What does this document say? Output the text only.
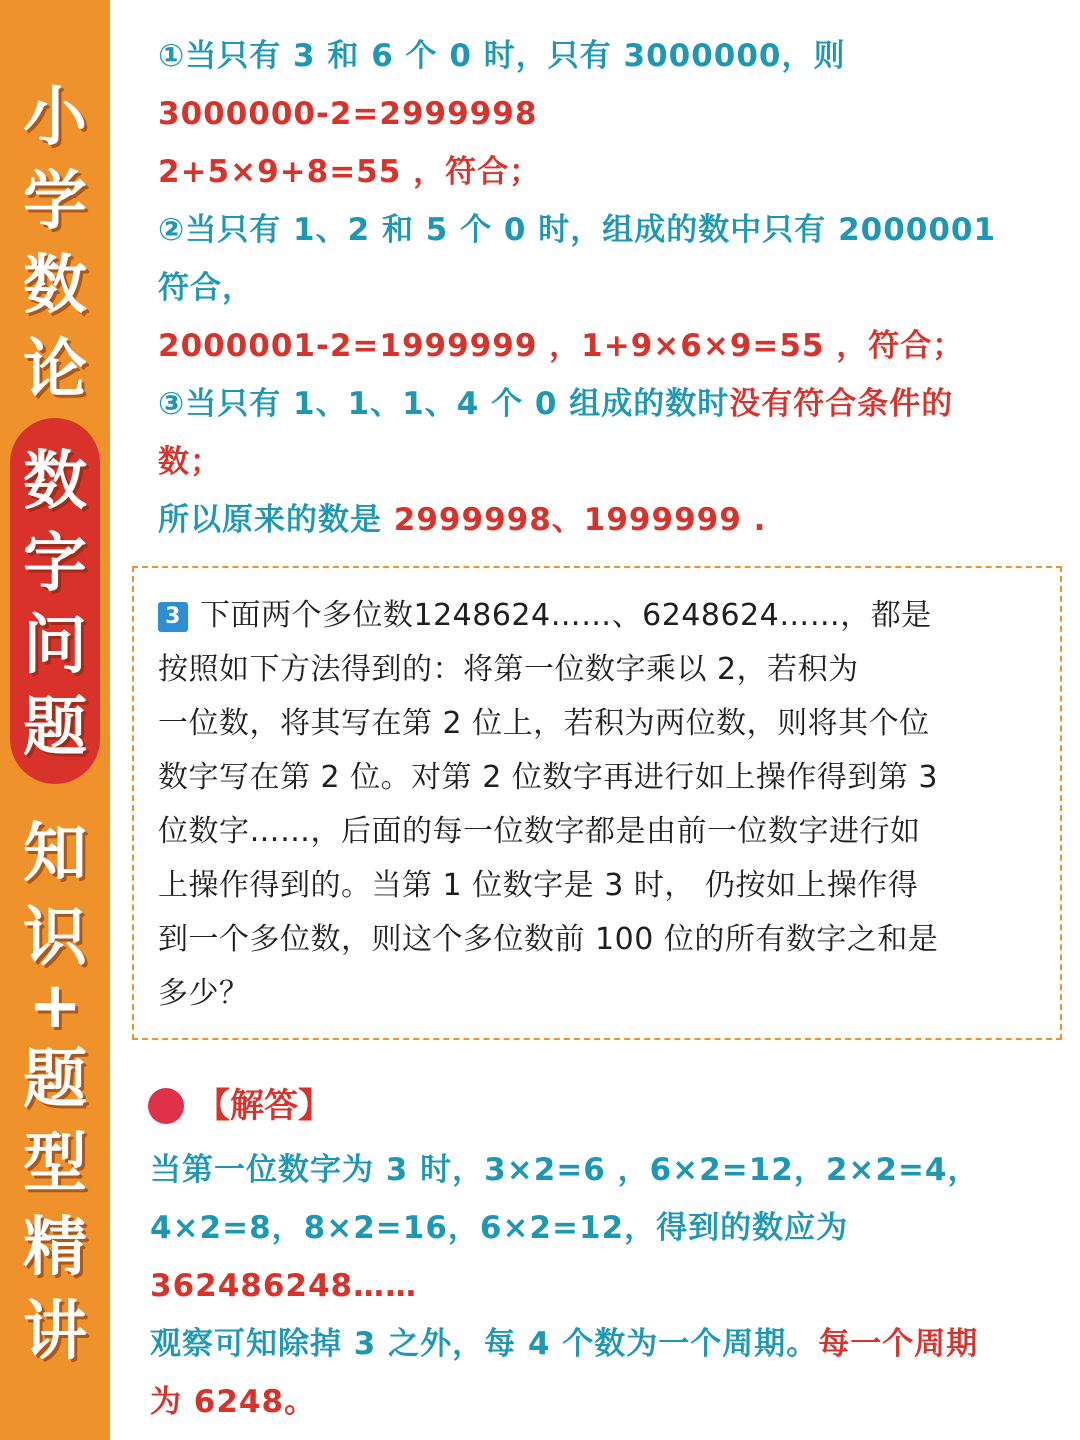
小
学
数
论
数
字
问
题
知
识
+
题
型
精
讲
①当只有 3 和 6 个 0 时，只有 3000000，则
3000000-2=2999998
2+5×9+8=55 ，符合；
②当只有 1、2 和 5 个 0 时，组成的数中只有 2000001
符合，
2000001-2=1999999 ，1+9×6×9=55 ，符合；
③当只有 1、1、1、4 个 0 组成的数时没有符合条件的
数；
所以原来的数是 2999998、1999999 .
3 下面两个多位数1248624……、6248624……，都是
按照如下方法得到的：将第一位数字乘以 2，若积为
一位数，将其写在第 2 位上，若积为两位数，则将其个位
数字写在第 2 位。对第 2 位数字再进行如上操作得到第 3
位数字……，后面的每一位数字都是由前一位数字进行如
上操作得到的。当第 1 位数字是 3 时， 仍按如上操作得
到一个多位数，则这个多位数前 100 位的所有数字之和是
多少？
【解答】
当第一位数字为 3 时，3×2=6 ，6×2=12，2×2=4，
4×2=8，8×2=16，6×2=12，得到的数应为
362486248……
观察可知除掉 3 之外，每 4 个数为一个周期。每一个周期
为 6248。
